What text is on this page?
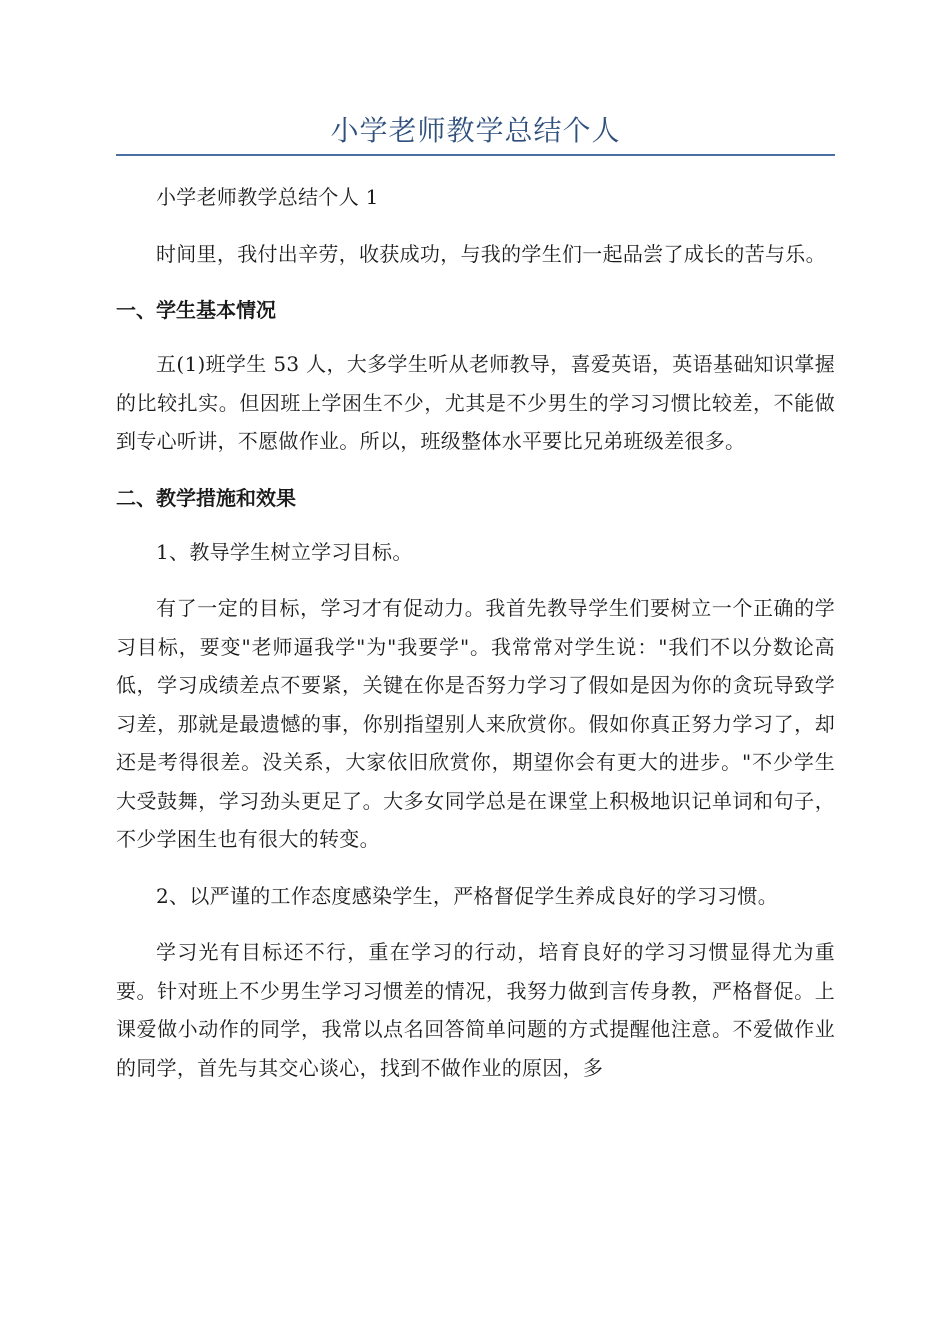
小学老师教学总结个人

小学老师教学总结个人 1

时间里，我付出辛劳，收获成功，与我的学生们一起品尝了成长的苦与乐。

一、学生基本情况

五(1)班学生 53 人，大多学生听从老师教导，喜爱英语，英语基础知识掌握的比较扎实。但因班上学困生不少，尤其是不少男生的学习习惯比较差，不能做到专心听讲，不愿做作业。所以，班级整体水平要比兄弟班级差很多。

二、教学措施和效果

1、教导学生树立学习目标。

有了一定的目标，学习才有促动力。我首先教导学生们要树立一个正确的学习目标，要变"老师逼我学"为"我要学"。我常常对学生说："我们不以分数论高低，学习成绩差点不要紧，关键在你是否努力学习了假如是因为你的贪玩导致学习差，那就是最遗憾的事，你别指望别人来欣赏你。假如你真正努力学习了，却还是考得很差。没关系，大家依旧欣赏你，期望你会有更大的进步。"不少学生大受鼓舞，学习劲头更足了。大多女同学总是在课堂上积极地识记单词和句子，不少学困生也有很大的转变。

2、以严谨的工作态度感染学生，严格督促学生养成良好的学习习惯。

学习光有目标还不行，重在学习的行动，培育良好的学习习惯显得尤为重要。针对班上不少男生学习习惯差的情况，我努力做到言传身教，严格督促。上课爱做小动作的同学，我常以点名回答简单问题的方式提醒他注意。不爱做作业的同学，首先与其交心谈心，找到不做作业的原因，多
